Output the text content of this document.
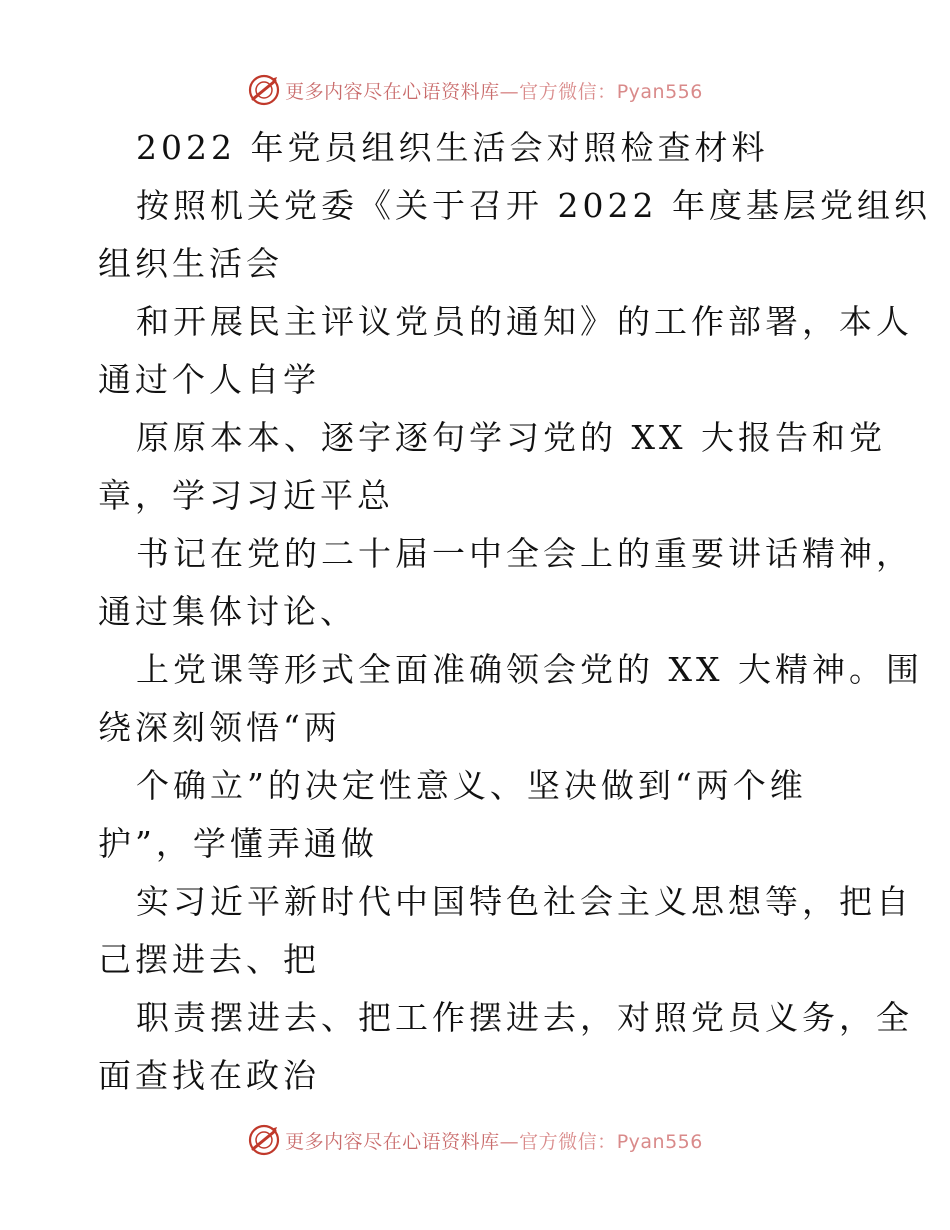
更多内容尽在心语资料库—官方微信：Pyan556
2022 年党员组织生活会对照检查材料
按照机关党委《关于召开 2022 年度基层党组织
组织生活会
和开展民主评议党员的通知》的工作部署，本人
通过个人自学
原原本本、逐字逐句学习党的 XX 大报告和党
章，学习习近平总
书记在党的二十届一中全会上的重要讲话精神，
通过集体讨论、
上党课等形式全面准确领会党的 XX 大精神。围
绕深刻领悟“两
个确立”的决定性意义、坚决做到“两个维
护”，学懂弄通做
实习近平新时代中国特色社会主义思想等，把自
己摆进去、把
职责摆进去、把工作摆进去，对照党员义务，全
面查找在政治
更多内容尽在心语资料库—官方微信：Pyan556
